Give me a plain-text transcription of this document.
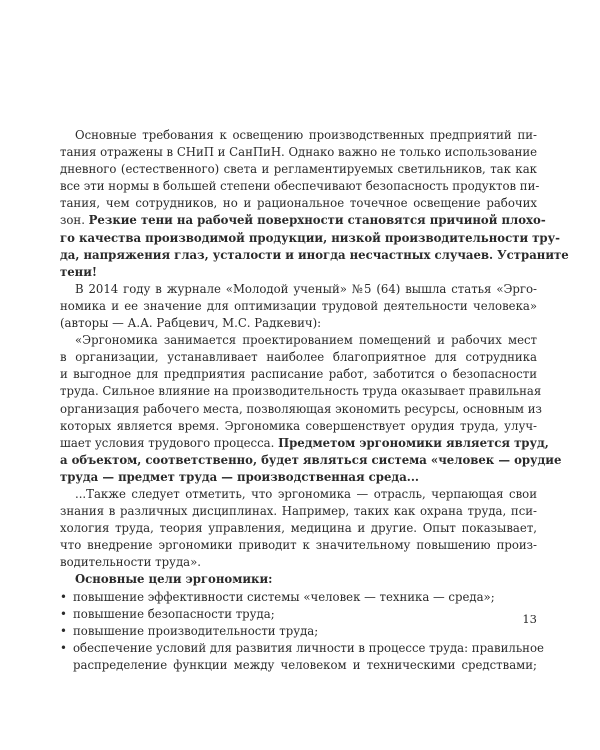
Основные требования к освещению производственных предприятий пи-
тания отражены в СНиП и СанПиН. Однако важно не только использование
дневного (естественного) света и регламентируемых светильников, так как
все эти нормы в большей степени обеспечивают безопасность продуктов пи-
тания, чем сотрудников, но и рациональное точечное освещение рабочих
зон. Резкие тени на рабочей поверхности становятся причиной плохо-
го качества производимой продукции, низкой производительности тру-
да, напряжения глаз, усталости и иногда несчастных случаев. Устраните
тени!
В 2014 году в журнале «Молодой ученый» №5 (64) вышла статья «Эрго-
номика и ее значение для оптимизации трудовой деятельности человека»
(авторы — А.А. Рабцевич, М.С. Радкевич):
«Эргономика занимается проектированием помещений и рабочих мест
в организации, устанавливает наиболее благоприятное для сотрудника
и выгодное для предприятия расписание работ, заботится о безопасности
труда. Сильное влияние на производительность труда оказывает правильная
организация рабочего места, позволяющая экономить ресурсы, основным из
которых является время. Эргономика совершенствует орудия труда, улуч-
шает условия трудового процесса. Предметом эргономики является труд,
а объектом, соответственно, будет являться система «человек — орудие
труда — предмет труда — производственная среда...
...Также следует отметить, что эргономика — отрасль, черпающая свои
знания в различных дисциплинах. Например, таких как охрана труда, пси-
хология труда, теория управления, медицина и другие. Опыт показывает,
что внедрение эргономики приводит к значительному повышению произ-
водительности труда».
Основные цели эргономики:
• повышение эффективности системы «человек — техника — среда»;
• повышение безопасности труда;
• повышение производительности труда;
• обеспечение условий для развития личности в процессе труда: правильное
распределение функции между человеком и техническими средствами;
13
